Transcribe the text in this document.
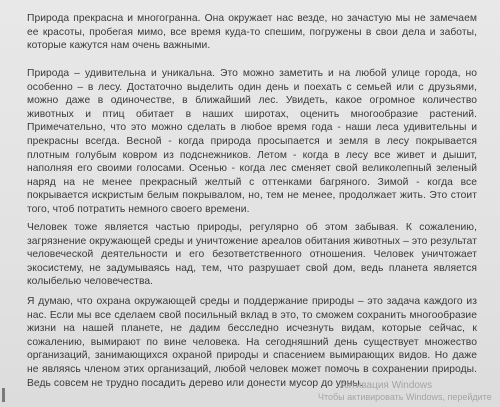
Природа прекрасна и многогранна. Она окружает нас везде, но зачастую мы не замечаем ее красоты, пробегая мимо, все время куда-то спешим, погружены в свои дела и заботы, которые кажутся нам очень важными.

Природа – удивительна и уникальна. Это можно заметить и на любой улице города, но особенно – в лесу. Достаточно выделить один день и поехать с семьей или с друзьями, можно даже в одиночестве, в ближайший лес. Увидеть, какое огромное количество животных и птиц обитает в наших широтах, оценить многообразие растений. Примечательно, что это можно сделать в любое время года - наши леса удивительны и прекрасны всегда. Весной - когда природа просыпается и земля в лесу покрывается плотным голубым ковром из подснежников. Летом - когда в лесу все живет и дышит, наполняя его своими голосами. Осенью - когда лес сменяет свой великолепный зеленый наряд на не менее прекрасный желтый с оттенками багряного. Зимой - когда все покрывается искристым белым покрывалом, но, тем не менее, продолжает жить. Это стоит того, чтоб потратить немного своего времени.

Человек тоже является частью природы, регулярно об этом забывая. К сожалению, загрязнение окружающей среды и уничтожение ареалов обитания животных – это результат человеческой деятельности и его безответственного отношения. Человек уничтожает экосистему, не задумываясь над, тем, что разрушает свой дом, ведь планета является колыбелью человечества.

Я думаю, что охрана окружающей среды и поддержание природы – это задача каждого из нас. Если мы все сделаем свой посильный вклад в это, то сможем сохранить многообразие жизни на нашей планете, не дадим бесследно исчезнуть видам, которые сейчас, к сожалению, вымирают по вине человека. На сегодняшний день существует множество организаций, занимающихся охраной природы и спасением вымирающих видов. Но даже не являясь членом этих организаций, любой человек может помочь в сохранении природы. Ведь совсем не трудно посадить дерево или донести мусор до урны.

Активация Windows
Чтобы активировать Windows, перейдите
